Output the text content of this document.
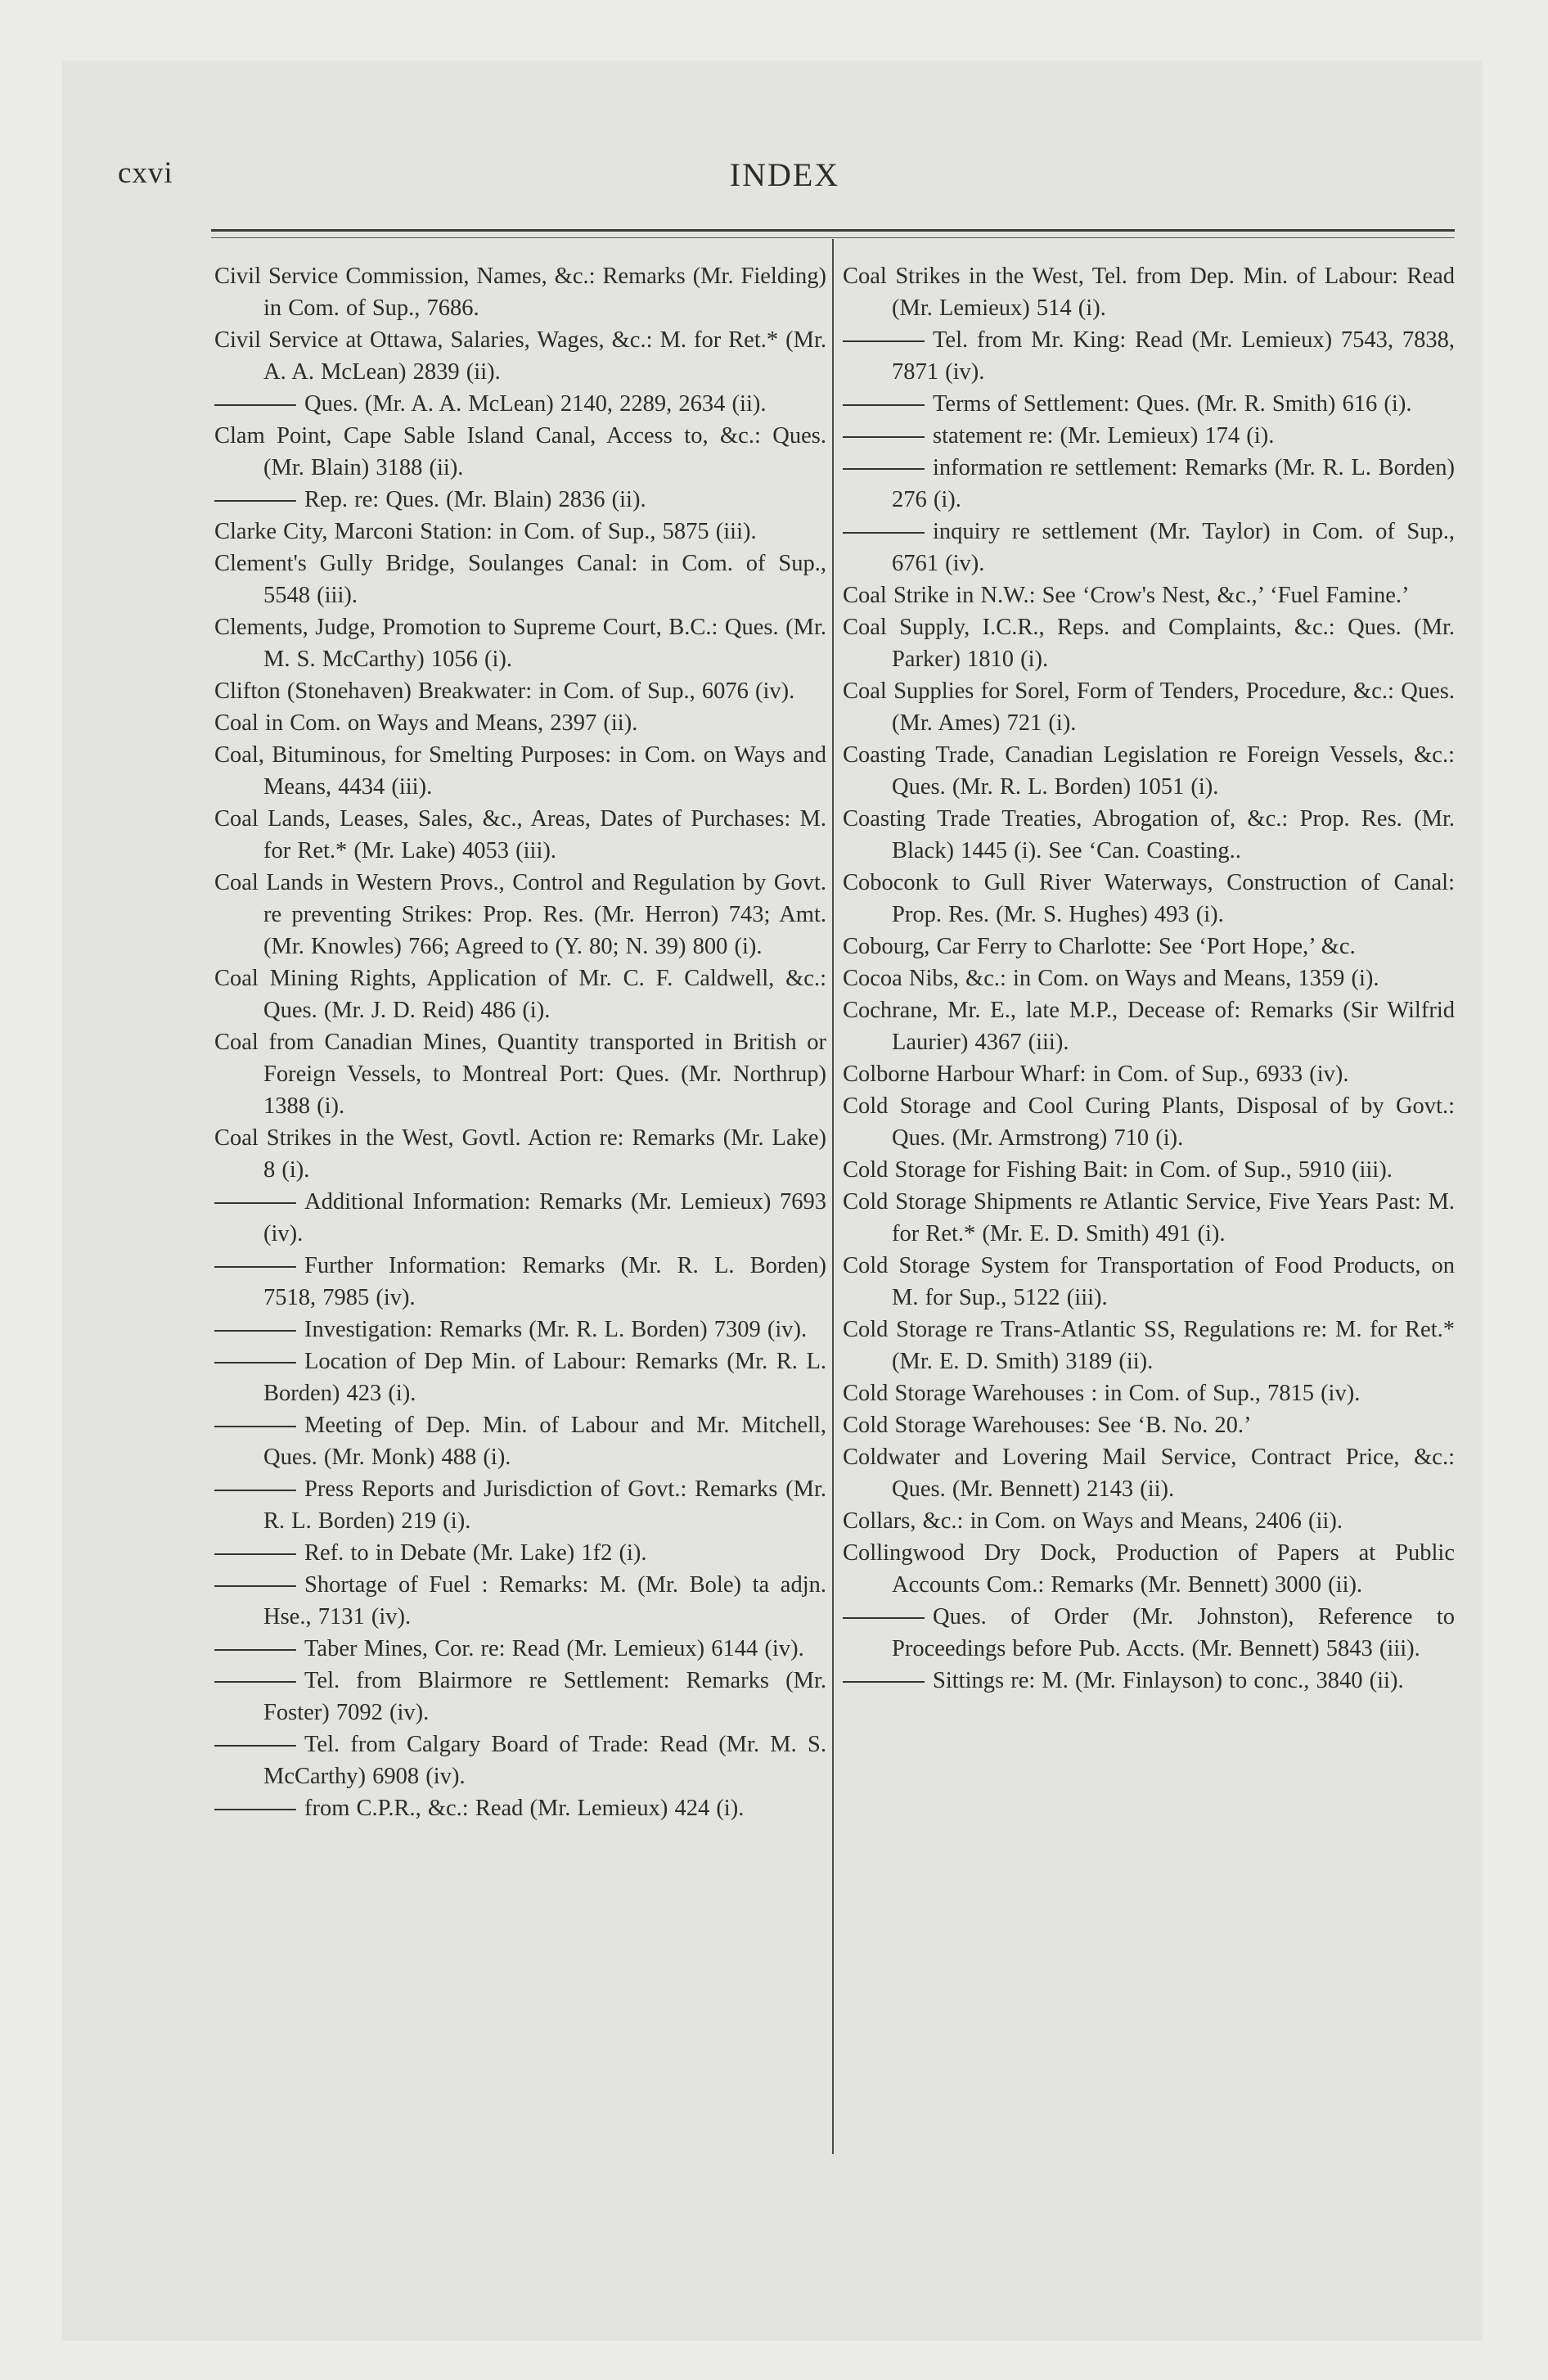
cxvi	INDEX

Civil Service Commission, Names, &c.: Remarks (Mr. Fielding) in Com. of Sup., 7686.

Civil Service at Ottawa, Salaries, Wages, &c.: M. for Ret.* (Mr. A. A. McLean) 2839 (ii).

Ques. (Mr. A. A. McLean) 2140, 2289, 2634 (ii).

Clam Point, Cape Sable Island Canal, Access to, &c.: Ques. (Mr. Blain) 3188 (ii).

Rep. re: Ques. (Mr. Blain) 2836 (ii).

Clarke City, Marconi Station: in Com. of Sup., 5875 (iii).

Clement's Gully Bridge, Soulanges Canal: in Com. of Sup., 5548 (iii).

Clements, Judge, Promotion to Supreme Court, B.C.: Ques. (Mr. M. S. McCarthy) 1056 (i).

Clifton (Stonehaven) Breakwater: in Com. of Sup., 6076 (iv).

Coal in Com. on Ways and Means, 2397 (ii).

Coal, Bituminous, for Smelting Purposes: in Com. on Ways and Means, 4434 (iii).

Coal Lands, Leases, Sales, &c., Areas, Dates of Purchases: M. for Ret.* (Mr. Lake) 4053 (iii).

Coal Lands in Western Provs., Control and Regulation by Govt. re preventing Strikes: Prop. Res. (Mr. Herron) 743; Amt. (Mr. Knowles) 766; Agreed to (Y. 80; N. 39) 800 (i).

Coal Mining Rights, Application of Mr. C. F. Caldwell, &c.: Ques. (Mr. J. D. Reid) 486 (i).

Coal from Canadian Mines, Quantity transported in British or Foreign Vessels, to Montreal Port: Ques. (Mr. Northrup) 1388 (i).

Coal Strikes in the West, Govtl. Action re: Remarks (Mr. Lake) 8 (i).

Additional Information: Remarks (Mr. Lemieux) 7693 (iv).

Further Information: Remarks (Mr. R. L. Borden) 7518, 7985 (iv).

Investigation: Remarks (Mr. R. L. Borden) 7309 (iv).

Location of Dep Min. of Labour: Remarks (Mr. R. L. Borden) 423 (i).

Meeting of Dep. Min. of Labour and Mr. Mitchell, Ques. (Mr. Monk) 488 (i).

Press Reports and Jurisdiction of Govt.: Remarks (Mr. R. L. Borden) 219 (i).

Ref. to in Debate (Mr. Lake) 1f2 (i).

Shortage of Fuel : Remarks: M. (Mr. Bole) ta adjn. Hse., 7131 (iv).

Taber Mines, Cor. re: Read (Mr. Lemieux) 6144 (iv).

Tel. from Blairmore re Settlement: Remarks (Mr. Foster) 7092 (iv).

Tel. from Calgary Board of Trade: Read (Mr. M. S. McCarthy) 6908 (iv).

from C.P.R., &c.: Read (Mr. Lemieux) 424 (i).

Coal Strikes in the West, Tel. from Dep. Min. of Labour: Read (Mr. Lemieux) 514 (i).

Tel. from Mr. King: Read (Mr. Lemieux) 7543, 7838, 7871 (iv).

Terms of Settlement: Ques. (Mr. R. Smith) 616 (i).

statement re: (Mr. Lemieux) 174 (i).

information re settlement: Remarks (Mr. R. L. Borden) 276 (i).

inquiry re settlement (Mr. Taylor) in Com. of Sup., 6761 (iv).

Coal Strike in N.W.: See ‘Crow's Nest, &c.,’ ‘Fuel Famine.’

Coal Supply, I.C.R., Reps. and Complaints, &c.: Ques. (Mr. Parker) 1810 (i).

Coal Supplies for Sorel, Form of Tenders, Procedure, &c.: Ques. (Mr. Ames) 721 (i).

Coasting Trade, Canadian Legislation re Foreign Vessels, &c.: Ques. (Mr. R. L. Borden) 1051 (i).

Coasting Trade Treaties, Abrogation of, &c.: Prop. Res. (Mr. Black) 1445 (i). See ‘Can. Coasting..

Coboconk to Gull River Waterways, Construction of Canal: Prop. Res. (Mr. S. Hughes) 493 (i).

Cobourg, Car Ferry to Charlotte: See ‘Port Hope,’ &c.

Cocoa Nibs, &c.: in Com. on Ways and Means, 1359 (i).

Cochrane, Mr. E., late M.P., Decease of: Remarks (Sir Wilfrid Laurier) 4367 (iii).

Colborne Harbour Wharf: in Com. of Sup., 6933 (iv).

Cold Storage and Cool Curing Plants, Disposal of by Govt.: Ques. (Mr. Armstrong) 710 (i).

Cold Storage for Fishing Bait: in Com. of Sup., 5910 (iii).

Cold Storage Shipments re Atlantic Service, Five Years Past: M. for Ret.* (Mr. E. D. Smith) 491 (i).

Cold Storage System for Transportation of Food Products, on M. for Sup., 5122 (iii).

Cold Storage re Trans-Atlantic SS, Regulations re: M. for Ret.* (Mr. E. D. Smith) 3189 (ii).

Cold Storage Warehouses : in Com. of Sup., 7815 (iv).

Cold Storage Warehouses: See ‘B. No. 20.’

Coldwater and Lovering Mail Service, Contract Price, &c.: Ques. (Mr. Bennett) 2143 (ii).

Collars, &c.: in Com. on Ways and Means, 2406 (ii).

Collingwood Dry Dock, Production of Papers at Public Accounts Com.: Remarks (Mr. Bennett) 3000 (ii).

Ques. of Order (Mr. Johnston), Reference to Proceedings before Pub. Accts. (Mr. Bennett) 5843 (iii).

Sittings re: M. (Mr. Finlayson) to conc., 3840 (ii).
